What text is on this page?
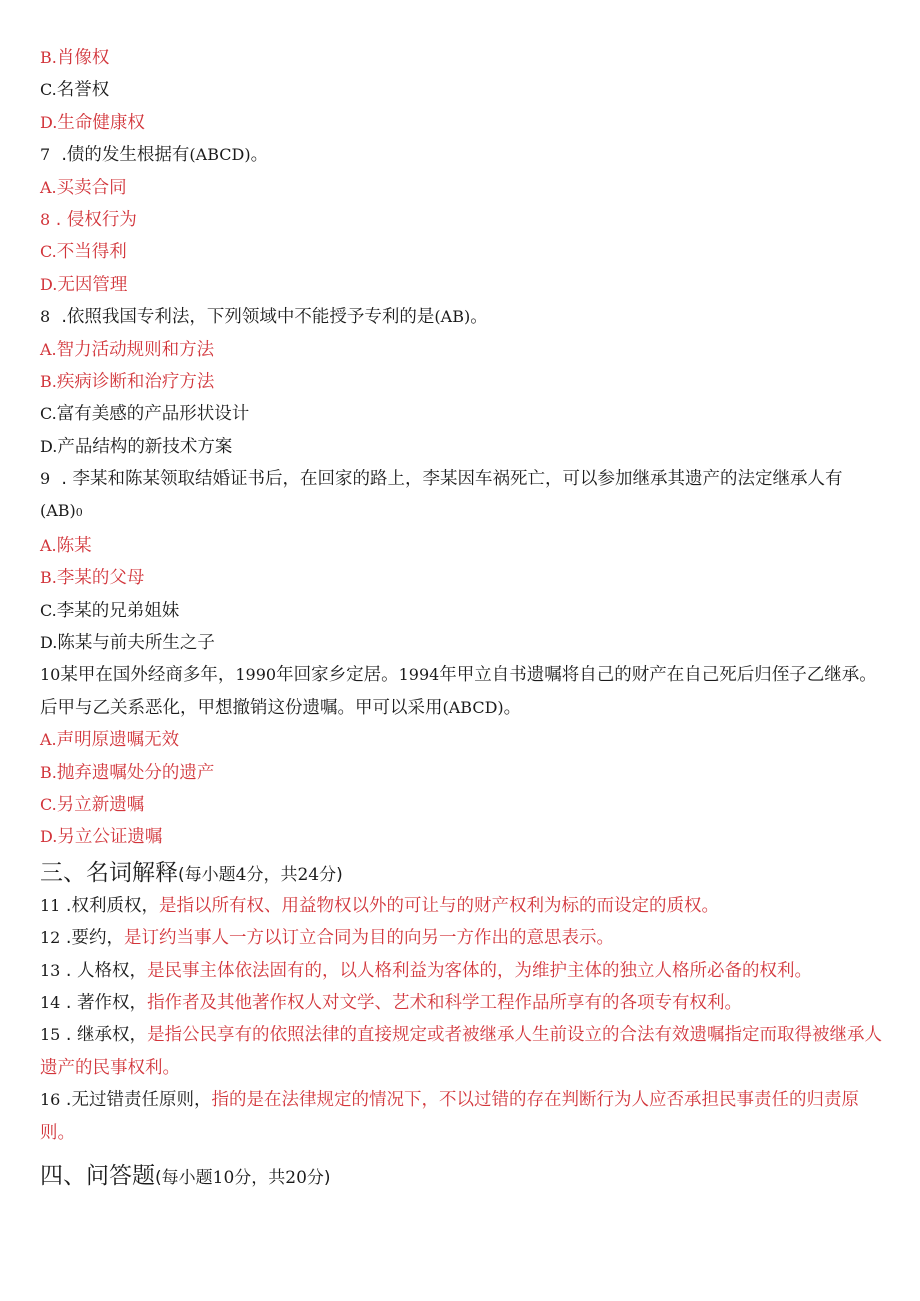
B.肖像权
C.名誉权
D.生命健康权
7 .债的发生根据有(ABCD)。
A.买卖合同
8 . 侵权行为
C.不当得利
D.无因管理
8 .依照我国专利法，下列领域中不能授予专利的是(AB)。
A.智力活动规则和方法
B.疾病诊断和治疗方法
C.富有美感的产品形状设计
D.产品结构的新技术方案
9 . 李某和陈某领取结婚证书后，在回家的路上，李某因车祸死亡，可以参加继承其遗产的法定继承人有(AB)0
A.陈某
B.李某的父母
C.李某的兄弟姐妹
D.陈某与前夫所生之子
10某甲在国外经商多年，1990年回家乡定居。1994年甲立自书遗嘱将自己的财产在自己死后归侄子乙继承。后甲与乙关系恶化，甲想撤销这份遗嘱。甲可以采用(ABCD)。
A.声明原遗嘱无效
B.抛弃遗嘱处分的遗产
C.另立新遗嘱
D.另立公证遗嘱
三、名词解释(每小题4分，共24分)
11 .权利质权，是指以所有权、用益物权以外的可让与的财产权利为标的而设定的质权。
12 .要约，是订约当事人一方以订立合同为目的向另一方作出的意思表示。
13 . 人格权，是民事主体依法固有的，以人格利益为客体的，为维护主体的独立人格所必备的权利。
14 . 著作权，指作者及其他著作权人对文学、艺术和科学工程作品所享有的各项专有权利。
15 . 继承权，是指公民享有的依照法律的直接规定或者被继承人生前设立的合法有效遗嘱指定而取得被继承人遗产的民事权利。
16 .无过错责任原则，指的是在法律规定的情况下，不以过错的存在判断行为人应否承担民事责任的归责原则。
四、问答题(每小题10分，共20分)
